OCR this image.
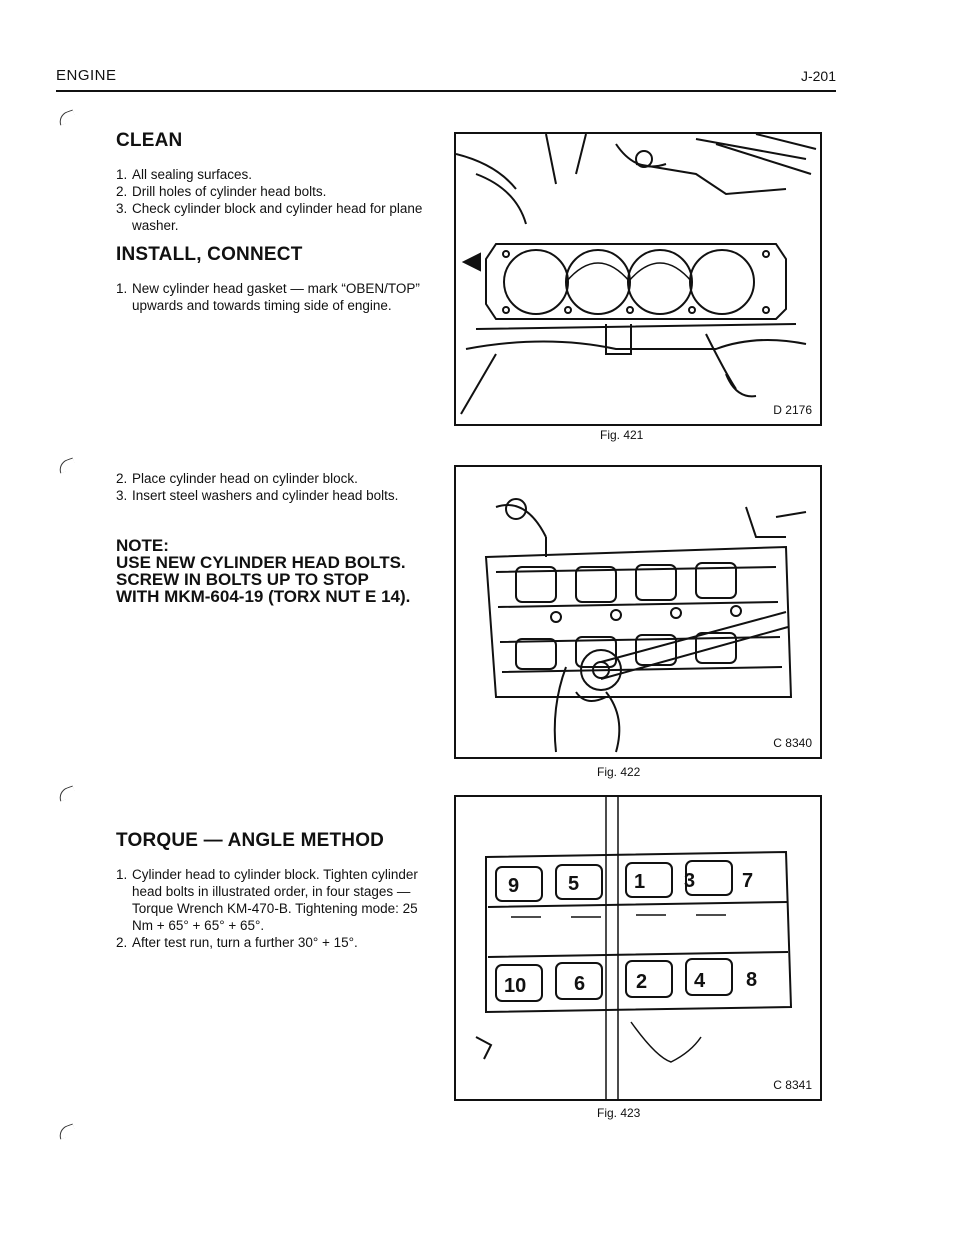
ENGINE	J-201
CLEAN
1. All sealing surfaces.
2. Drill holes of cylinder head bolts.
3. Check cylinder block and cylinder head for plane washer.
INSTALL, CONNECT
1. New cylinder head gasket — mark “OBEN/TOP” upwards and towards timing side of engine.
2. Place cylinder head on cylinder block.
3. Insert steel washers and cylinder head bolts.
NOTE:
USE NEW CYLINDER HEAD BOLTS.
SCREW IN BOLTS UP TO STOP
WITH MKM-604-19 (TORX NUT E 14).
TORQUE — ANGLE METHOD
1. Cylinder head to cylinder block. Tighten cylinder head bolts in illustrated order, in four stages — Torque Wrench KM-470-B. Tightening mode: 25 Nm + 65° + 65° + 65°.
2. After test run, turn a further 30° + 15°.
D 2176
Fig. 421
C 8340
Fig. 422
9 5	1 3 7
10 6	2 4 8
C 8341
Fig. 423
